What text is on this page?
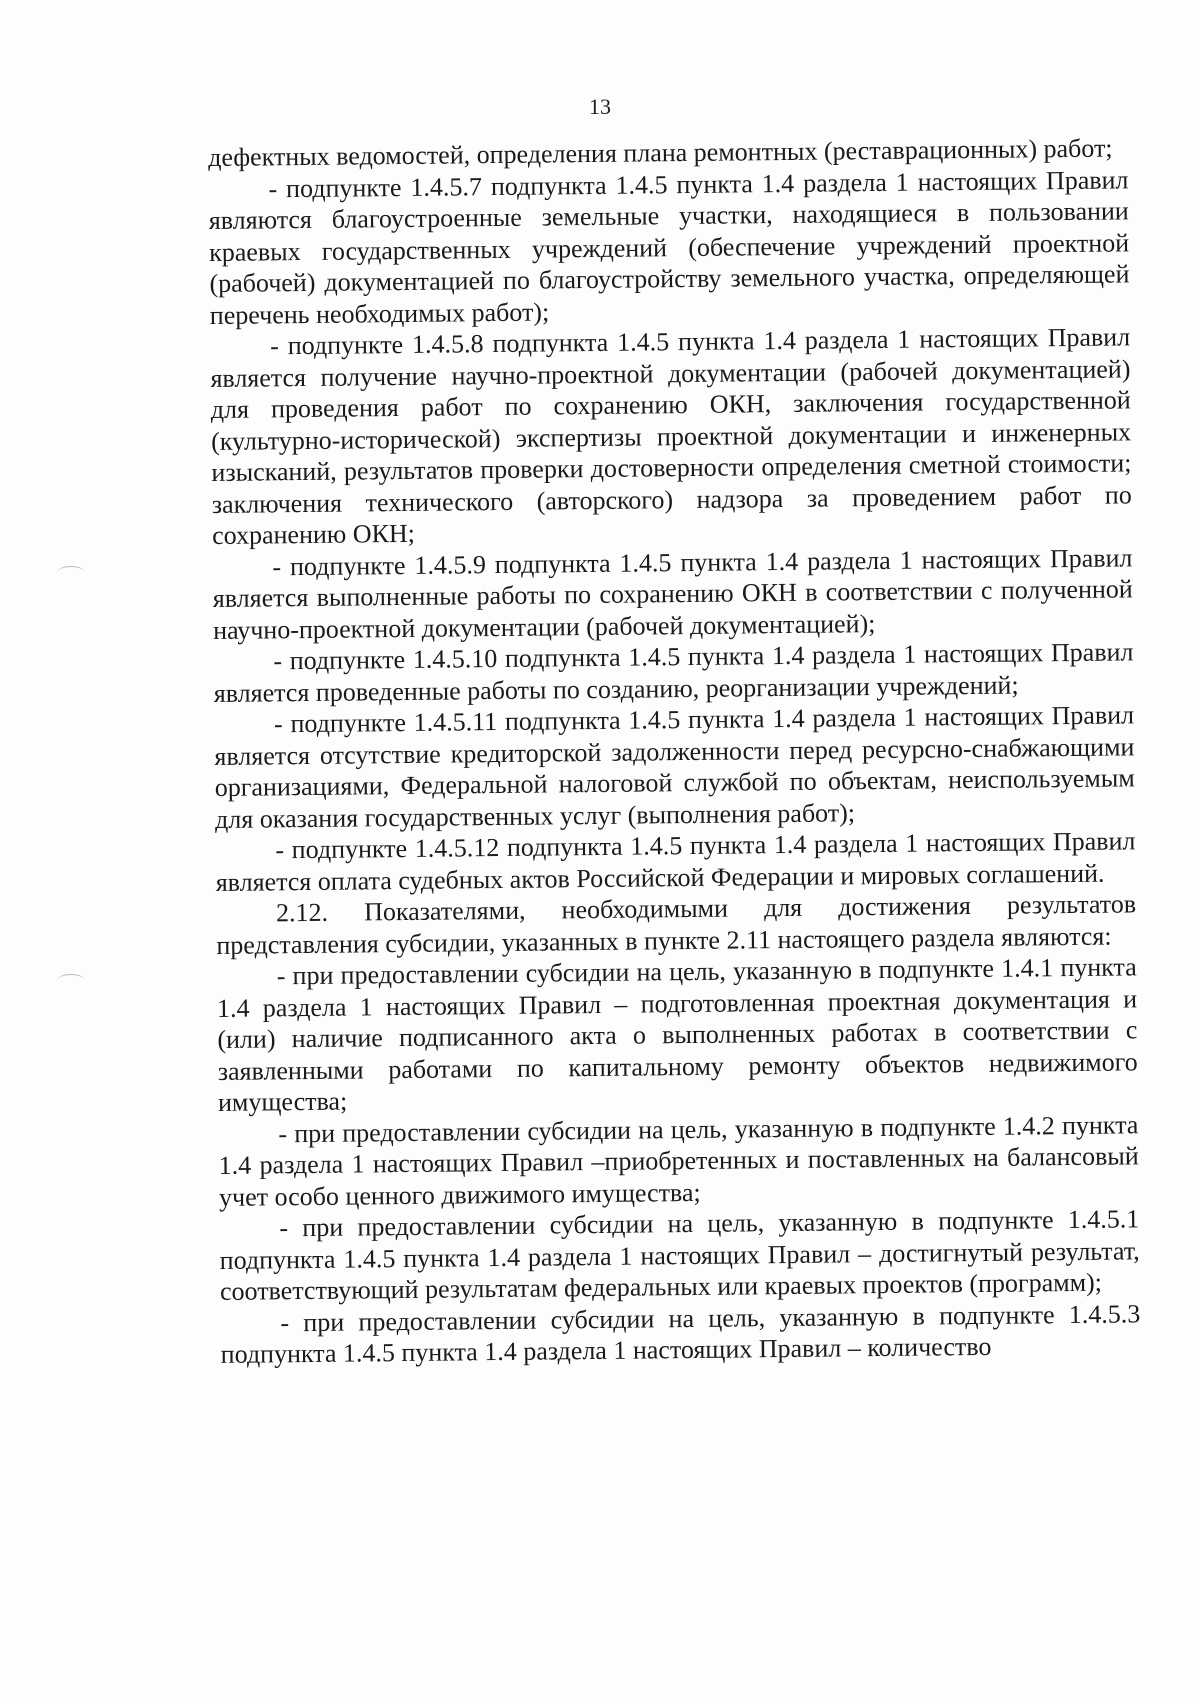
13

дефектных ведомостей, определения плана ремонтных (реставрационных) работ;

- подпункте 1.4.5.7 подпункта 1.4.5 пункта 1.4 раздела 1 настоящих Правил являются благоустроенные земельные участки, находящиеся в пользовании краевых государственных учреждений (обеспечение учреждений проектной (рабочей) документацией по благоустройству земельного участка, определяющей перечень необходимых работ);

- подпункте 1.4.5.8 подпункта 1.4.5 пункта 1.4 раздела 1 настоящих Правил является получение научно-проектной документации (рабочей документацией) для проведения работ по сохранению ОКН, заключения государственной (культурно-исторической) экспертизы проектной документации и инженерных изысканий, результатов проверки достоверности определения сметной стоимости; заключения технического (авторского) надзора за проведением работ по сохранению ОКН;

- подпункте 1.4.5.9 подпункта 1.4.5 пункта 1.4 раздела 1 настоящих Правил является выполненные работы по сохранению ОКН в соответствии с полученной научно-проектной документации (рабочей документацией);

- подпункте 1.4.5.10 подпункта 1.4.5 пункта 1.4 раздела 1 настоящих Правил является проведенные работы по созданию, реорганизации учреждений;

- подпункте 1.4.5.11 подпункта 1.4.5 пункта 1.4 раздела 1 настоящих Правил является отсутствие кредиторской задолженности перед ресурсно-снабжающими организациями, Федеральной налоговой службой по объектам, неиспользуемым для оказания государственных услуг (выполнения работ);

- подпункте 1.4.5.12 подпункта 1.4.5 пункта 1.4 раздела 1 настоящих Правил является оплата судебных актов Российской Федерации и мировых соглашений.

2.12. Показателями, необходимыми для достижения результатов представления субсидии, указанных в пункте 2.11 настоящего раздела являются:

- при предоставлении субсидии на цель, указанную в подпункте 1.4.1 пункта 1.4 раздела 1 настоящих Правил – подготовленная проектная документация и (или) наличие подписанного акта о выполненных работах в соответствии с заявленными работами по капитальному ремонту объектов недвижимого имущества;

- при предоставлении субсидии на цель, указанную в подпункте 1.4.2 пункта 1.4 раздела 1 настоящих Правил –приобретенных и поставленных на балансовый учет особо ценного движимого имущества;

- при предоставлении субсидии на цель, указанную в подпункте 1.4.5.1 подпункта 1.4.5 пункта 1.4 раздела 1 настоящих Правил – достигнутый результат, соответствующий результатам федеральных или краевых проектов (программ);

- при предоставлении субсидии на цель, указанную в подпункте 1.4.5.3 подпункта 1.4.5 пункта 1.4 раздела 1 настоящих Правил – количество
